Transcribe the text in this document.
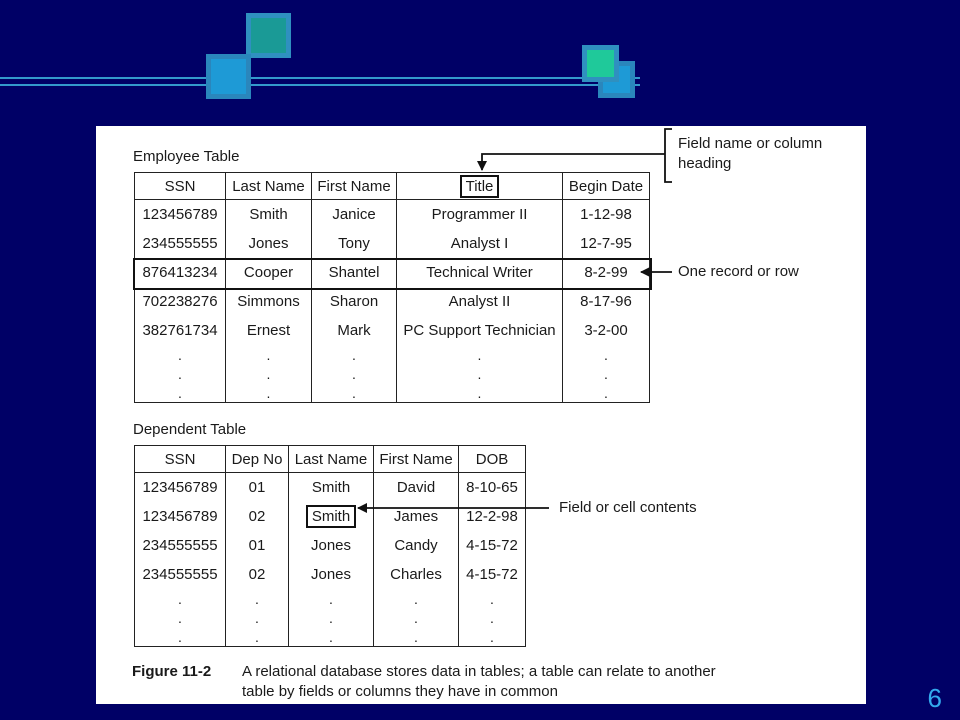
Employee Table
SSN	Last Name	First Name	Title	Begin Date
123456789	Smith	Janice	Programmer II	1-12-98
234555555	Jones	Tony	Analyst I	12-7-95
876413234	Cooper	Shantel	Technical Writer	8-2-99
702238276	Simmons	Sharon	Analyst II	8-17-96
382761734	Ernest	Mark	PC Support Technician	3-2-00
.	.	.	.	.
.	.	.	.	.
.	.	.	.	.
Dependent Table
SSN	Dep No	Last Name	First Name	DOB
123456789	01	Smith	David	8-10-65
123456789	02	Smith	James	12-2-98
234555555	01	Jones	Candy	4-15-72
234555555	02	Jones	Charles	4-15-72
.	.	.	.	.
.	.	.	.	.
.	.	.	.	.
Field name or column
heading
One record or row
Field or cell contents
Figure 11-2 A relational database stores data in tables; a table can relate to another
table by fields or columns they have in common	6
